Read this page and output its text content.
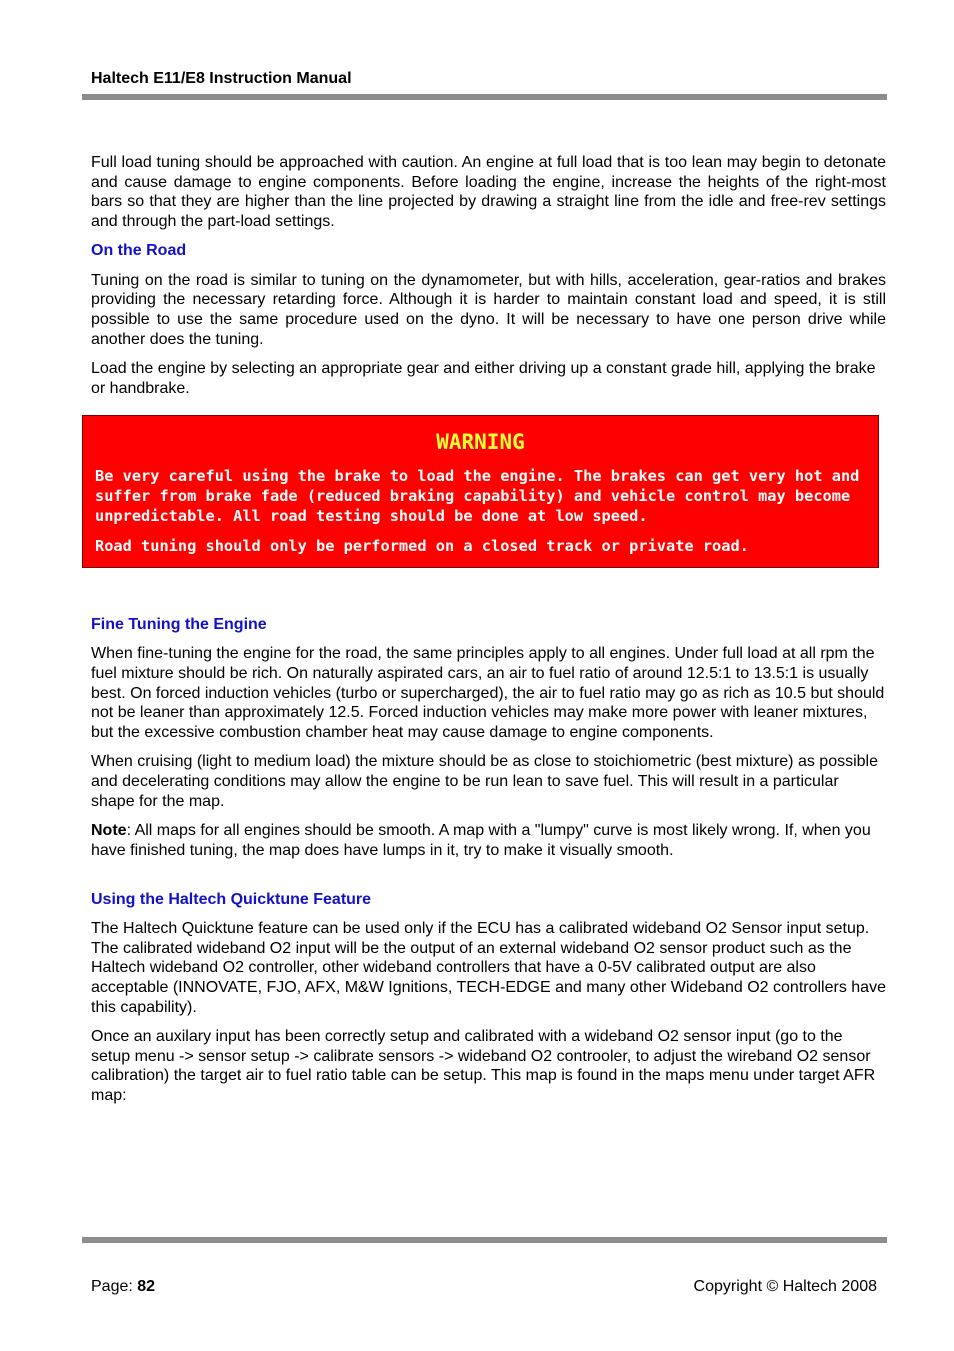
Haltech E11/E8 Instruction Manual

Full load tuning should be approached with caution. An engine at full load that is too lean may begin to detonate and cause damage to engine components. Before loading the engine, increase the heights of the right-most bars so that they are higher than the line projected by drawing a straight line from the idle and free-rev settings and through the part-load settings.

On the Road

Tuning on the road is similar to tuning on the dynamometer, but with hills, acceleration, gear-ratios and brakes providing the necessary retarding force. Although it is harder to maintain constant load and speed, it is still possible to use the same procedure used on the dyno. It will be necessary to have one person drive while another does the tuning.

Load the engine by selecting an appropriate gear and either driving up a constant grade hill, applying the brake or handbrake.

WARNING

Be very careful using the brake to load the engine. The brakes can get very hot and suffer from brake fade (reduced braking capability) and vehicle control may become unpredictable. All road testing should be done at low speed.

Road tuning should only be performed on a closed track or private road.

Fine Tuning the Engine

When fine-tuning the engine for the road, the same principles apply to all engines. Under full load at all rpm the fuel mixture should be rich. On naturally aspirated cars, an air to fuel ratio of around 12.5:1 to 13.5:1 is usually best. On forced induction vehicles (turbo or supercharged), the air to fuel ratio may go as rich as 10.5 but should not be leaner than approximately 12.5. Forced induction vehicles may make more power with leaner mixtures, but the excessive combustion chamber heat may cause damage to engine components.

When cruising (light to medium load) the mixture should be as close to stoichiometric (best mixture) as possible and decelerating conditions may allow the engine to be run lean to save fuel. This will result in a particular shape for the map.

Note: All maps for all engines should be smooth. A map with a "lumpy" curve is most likely wrong. If, when you have finished tuning, the map does have lumps in it, try to make it visually smooth.

Using the Haltech Quicktune Feature

The Haltech Quicktune feature can be used only if the ECU has a calibrated wideband O2 Sensor input setup. The calibrated wideband O2 input will be the output of an external wideband O2 sensor product such as the Haltech wideband O2 controller, other wideband controllers that have a 0-5V calibrated output are also acceptable (INNOVATE, FJO, AFX, M&W Ignitions, TECH-EDGE and many other Wideband O2 controllers have this capability).

Once an auxilary input has been correctly setup and calibrated with a wideband O2 sensor input (go to the setup menu -> sensor setup -> calibrate sensors -> wideband O2 controoler, to adjust the wireband O2 sensor calibration) the target air to fuel ratio table can be setup. This map is found in the maps menu under target AFR map:

Page: 82	Copyright © Haltech 2008
